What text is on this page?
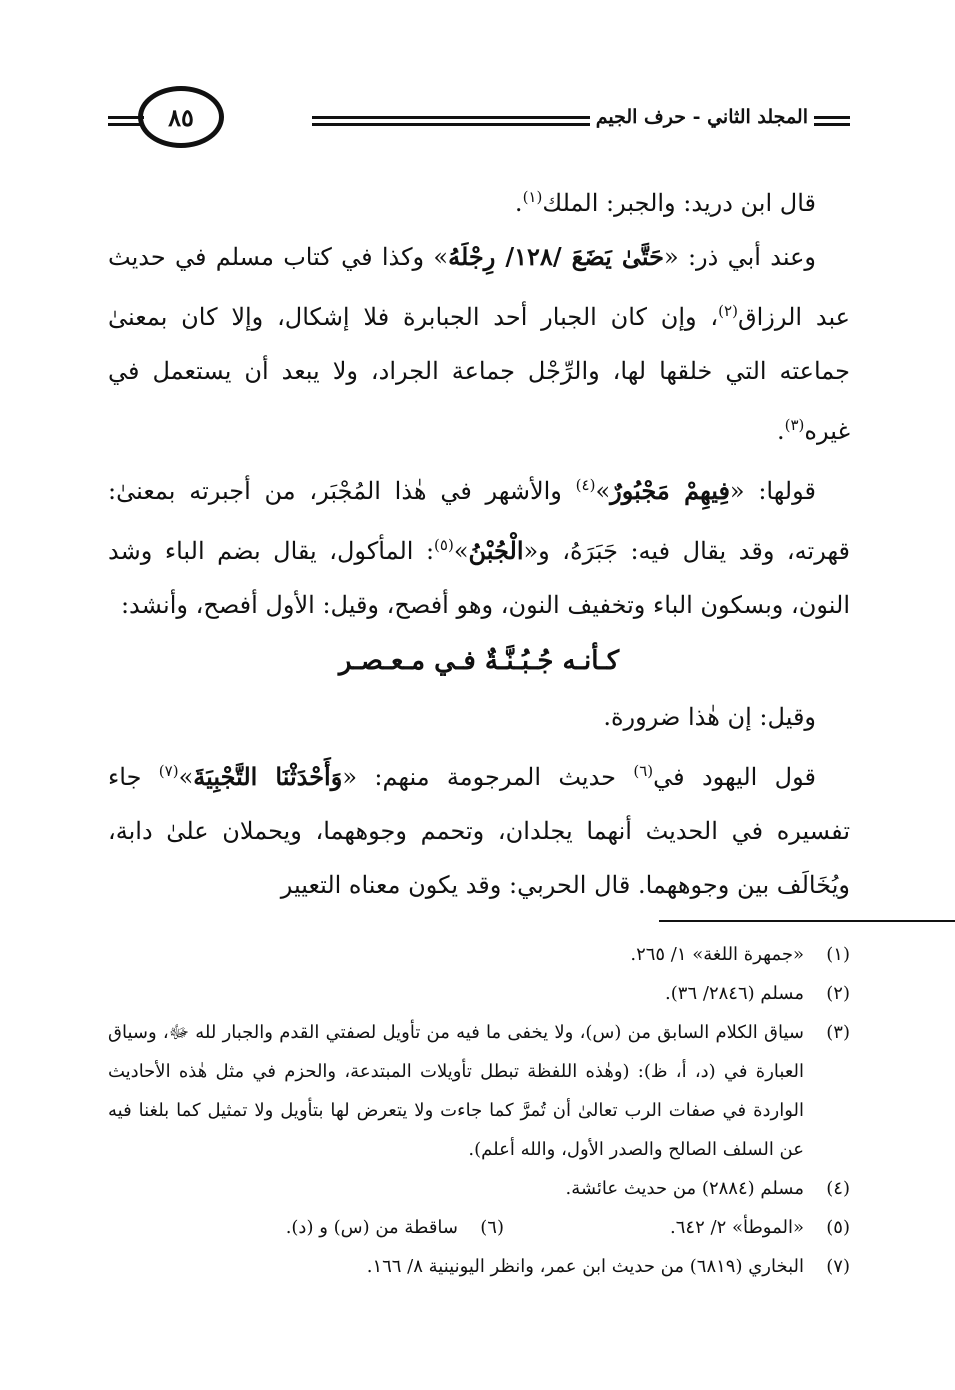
المجلد الثاني - حرف الجيم
٨٥

قال ابن دريد: والجبر: الملك$^{(١)}$.

وعند أبي ذر: «حَتَّىٰ يَضَعَ /١٢٨/ رِجْلَهُ» وكذا في كتاب مسلم في حديث عبد الرزاق$^{(٢)}$، وإن كان الجبار أحد الجبابرة فلا إشكال، وإلا كان بمعنىٰ جماعته التي خلقها لها، والرِّجْل جماعة الجراد، ولا يبعد أن يستعمل في غيره$^{(٣)}$.

قولها: «فِيهِمْ مَجْبُورٌ»$^{(٤)}$ والأشهر في هٰذا المُجْبَر، من أجبرته بمعنىٰ: قهرته، وقد يقال فيه: جَبَرَهُ، و«الْجُبْنُ»$^{(٥)}$: المأكول، يقال بضم الباء وشد النون، وبسكون الباء وتخفيف النون، وهو أفصح، وقيل: الأول أفصح، وأنشد:

كـأنـه جُـبُـنَّـةٌ فـي مـعـصـر

وقيل: إن هٰذا ضرورة.

قول اليهود في$^{(٦)}$ حديث المرجومة منهم: «وَأَحْدَثْنَا التَّجْبِيَةَ»$^{(٧)}$ جاء تفسيره في الحديث أنهما يجلدان، وتحمم وجوههما، ويحملان علىٰ دابة، ويُخَالَف بين وجوههما. قال الحربي: وقد يكون معناه التعيير

(١)
«جمهرة اللغة» ١/ ٢٦٥.

(٢)
مسلم (٢٨٤٦/ ٣٦).

(٣)
سياق الكلام السابق من (س)، ولا يخفى ما فيه من تأويل لصفتي القدم والجبار لله ﷻ، وسياق العبارة في (د، أ، ظ): (وهٰذه اللفظة تبطل تأويلات المبتدعة، والحزم في مثل هٰذه الأحاديث الواردة في صفات الرب تعالىٰ أن تُمرَّ كما جاءت ولا يتعرض لها بتأويل ولا تمثيل كما بلغنا فيه عن السلف الصالح والصدر الأول، والله أعلم).

(٤)
مسلم (٢٨٨٤) من حديث عائشة.

(٥)
«الموطأ» ٢/ ٦٤٢.

(٦)
ساقطة من (س) و (د).

(٧)
البخاري (٦٨١٩) من حديث ابن عمر، وانظر اليونينية ٨/ ١٦٦.
